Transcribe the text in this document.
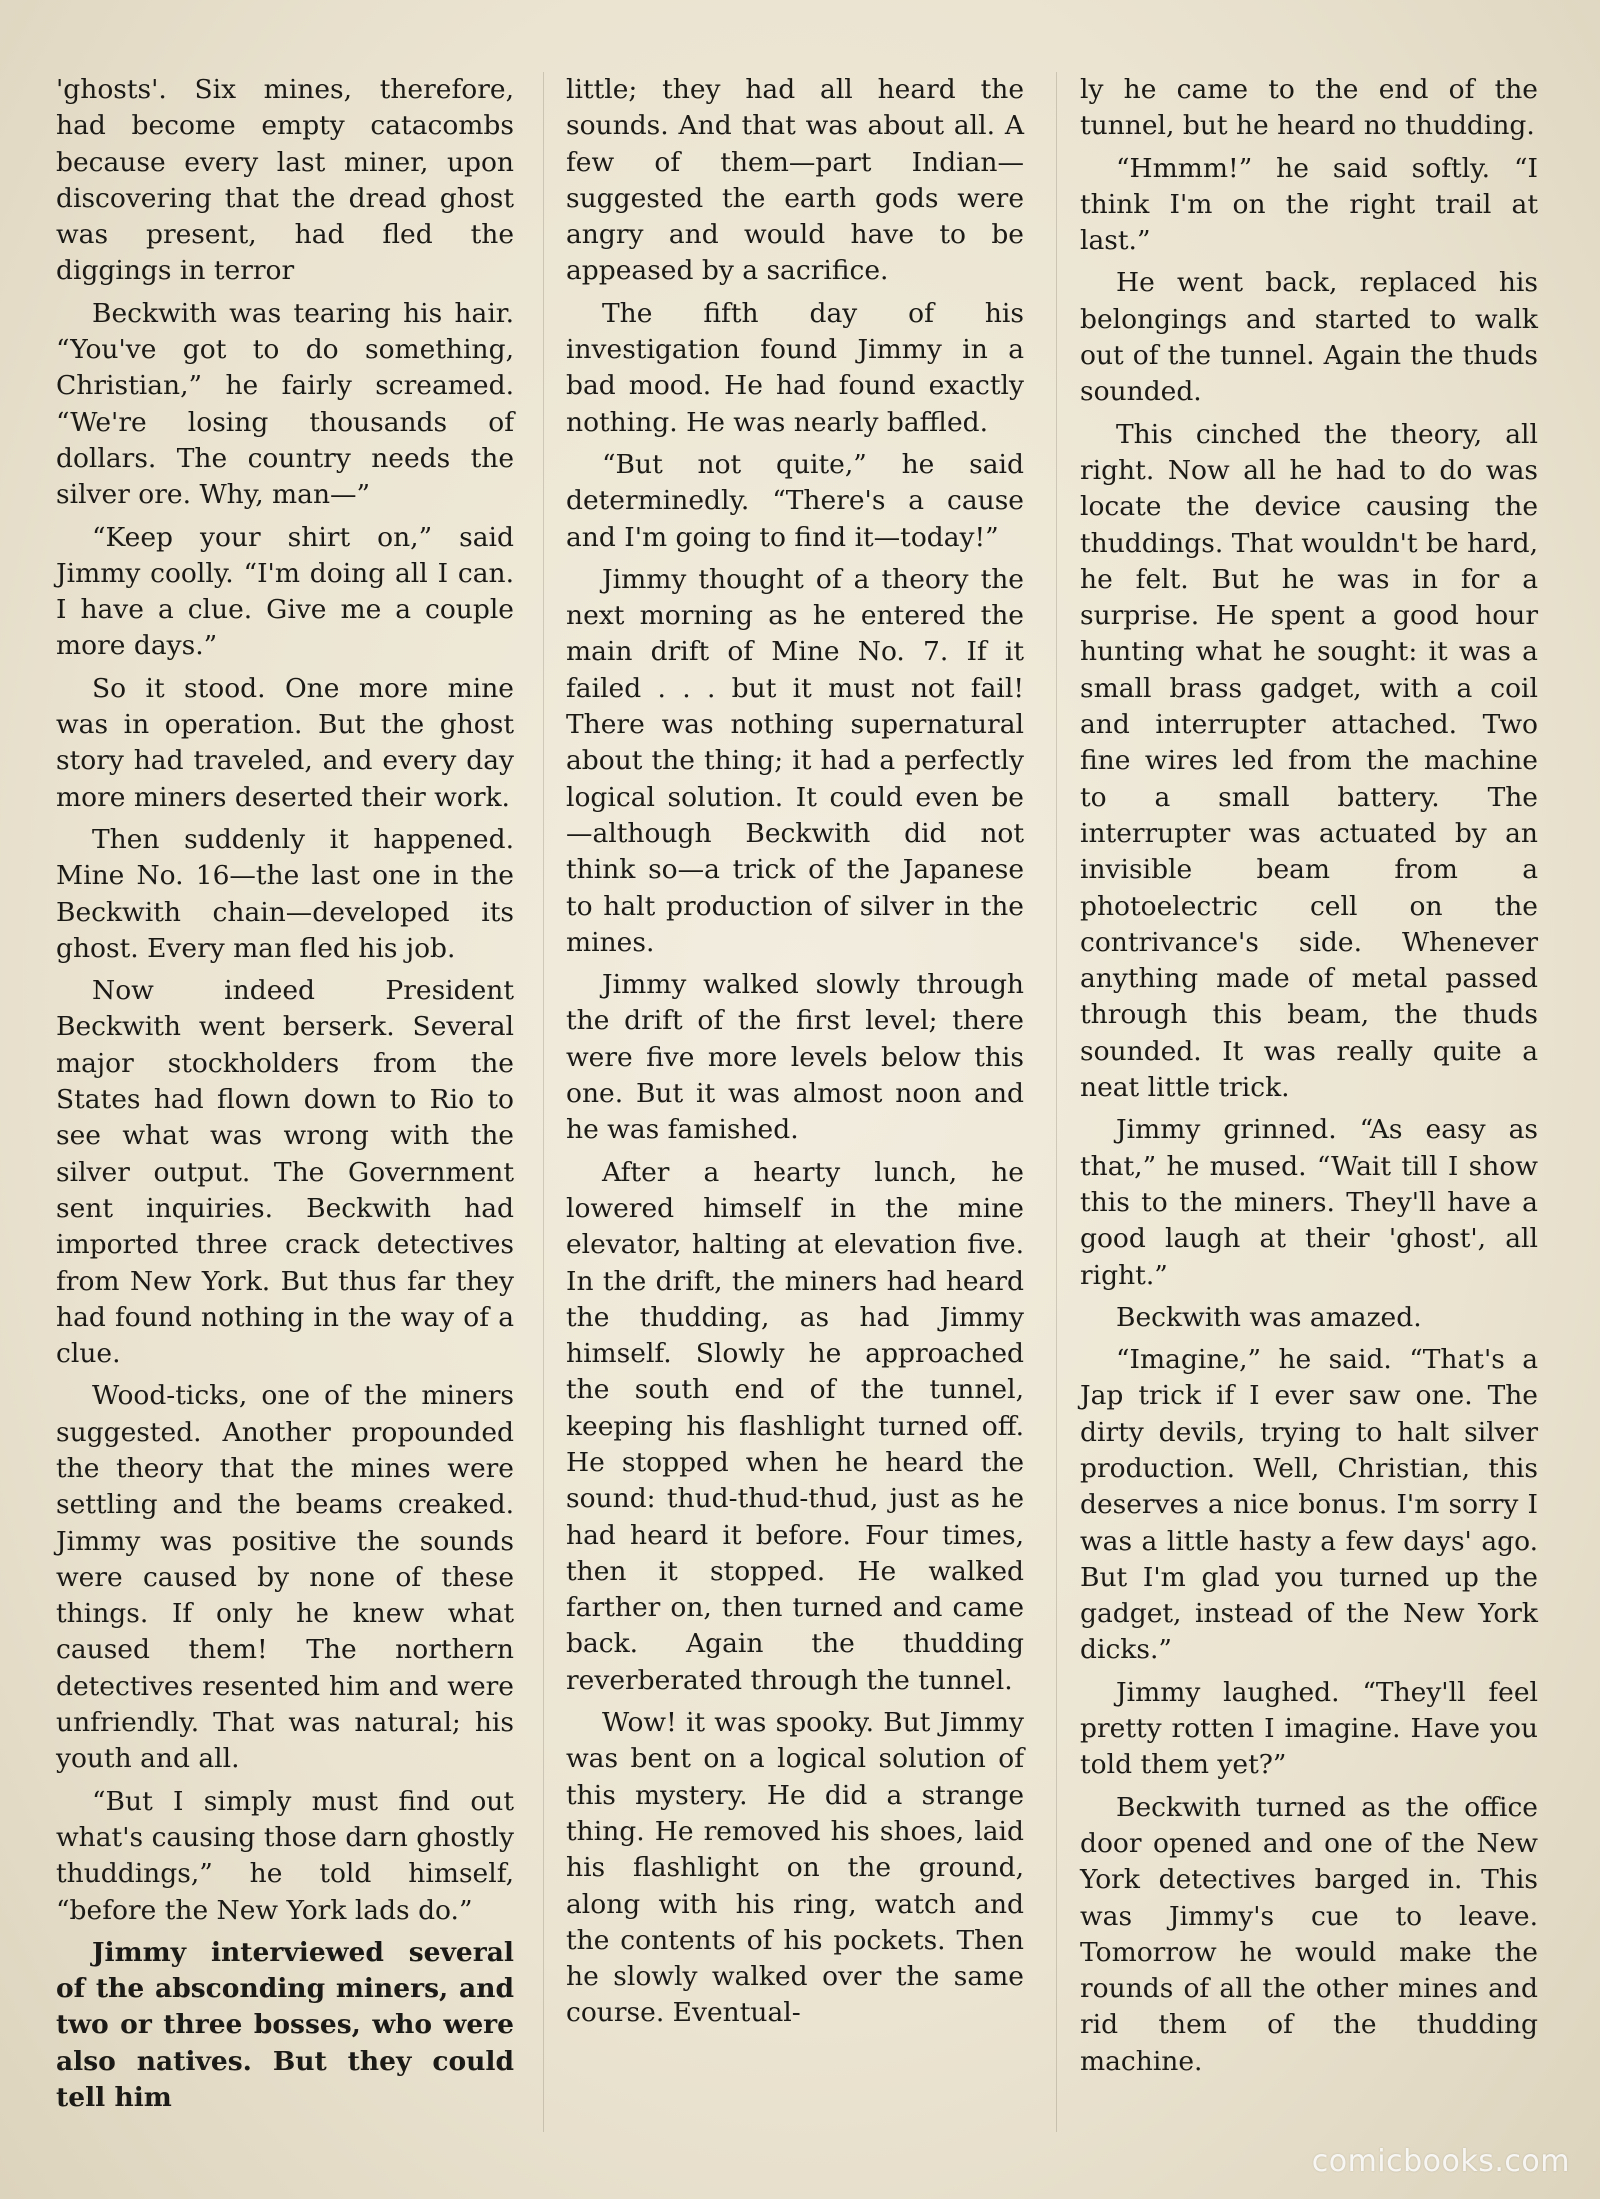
'ghosts'. Six mines, therefore, had become empty catacombs because every last miner, upon discovering that the dread ghost was present, had fled the diggings in terror

Beckwith was tearing his hair. “You've got to do something, Christian,” he fairly screamed. “We're losing thousands of dollars. The country needs the silver ore. Why, man—”

“Keep your shirt on,” said Jimmy coolly. “I'm doing all I can. I have a clue. Give me a couple more days.”

So it stood. One more mine was in operation. But the ghost story had traveled, and every day more miners deserted their work.

Then suddenly it happened. Mine No. 16—the last one in the Beckwith chain—developed its ghost. Every man fled his job.

Now indeed President Beckwith went berserk. Several major stockholders from the States had flown down to Rio to see what was wrong with the silver output. The Government sent inquiries. Beckwith had imported three crack detectives from New York. But thus far they had found nothing in the way of a clue.

Wood-ticks, one of the miners suggested. Another propounded the theory that the mines were settling and the beams creaked. Jimmy was positive the sounds were caused by none of these things. If only he knew what caused them! The northern detectives resented him and were unfriendly. That was natural; his youth and all.

“But I simply must find out what's causing those darn ghostly thuddings,” he told himself, “before the New York lads do.”

Jimmy interviewed several of the absconding miners, and two or three bosses, who were also natives. But they could tell him

little; they had all heard the sounds. And that was about all. A few of them—part Indian—suggested the earth gods were angry and would have to be appeased by a sacrifice.

The fifth day of his investigation found Jimmy in a bad mood. He had found exactly nothing. He was nearly baffled.

“But not quite,” he said determinedly. “There's a cause and I'm going to find it—today!”

Jimmy thought of a theory the next morning as he entered the main drift of Mine No. 7. If it failed . . . but it must not fail! There was nothing supernatural about the thing; it had a perfectly logical solution. It could even be—although Beckwith did not think so—a trick of the Japanese to halt production of silver in the mines.

Jimmy walked slowly through the drift of the first level; there were five more levels below this one. But it was almost noon and he was famished.

After a hearty lunch, he lowered himself in the mine elevator, halting at elevation five. In the drift, the miners had heard the thudding, as had Jimmy himself. Slowly he approached the south end of the tunnel, keeping his flashlight turned off. He stopped when he heard the sound: thud-thud-thud, just as he had heard it before. Four times, then it stopped. He walked farther on, then turned and came back. Again the thudding reverberated through the tunnel.

Wow! it was spooky. But Jimmy was bent on a logical solution of this mystery. He did a strange thing. He removed his shoes, laid his flashlight on the ground, along with his ring, watch and the contents of his pockets. Then he slowly walked over the same course. Eventual-

ly he came to the end of the tunnel, but he heard no thudding.

“Hmmm!” he said softly. “I think I'm on the right trail at last.”

He went back, replaced his belongings and started to walk out of the tunnel. Again the thuds sounded.

This cinched the theory, all right. Now all he had to do was locate the device causing the thuddings. That wouldn't be hard, he felt. But he was in for a surprise. He spent a good hour hunting what he sought: it was a small brass gadget, with a coil and interrupter attached. Two fine wires led from the machine to a small battery. The interrupter was actuated by an invisible beam from a photoelectric cell on the contrivance's side. Whenever anything made of metal passed through this beam, the thuds sounded. It was really quite a neat little trick.

Jimmy grinned. “As easy as that,” he mused. “Wait till I show this to the miners. They'll have a good laugh at their 'ghost', all right.”

Beckwith was amazed.

“Imagine,” he said. “That's a Jap trick if I ever saw one. The dirty devils, trying to halt silver production. Well, Christian, this deserves a nice bonus. I'm sorry I was a little hasty a few days' ago. But I'm glad you turned up the gadget, instead of the New York dicks.”

Jimmy laughed. “They'll feel pretty rotten I imagine. Have you told them yet?”

Beckwith turned as the office door opened and one of the New York detectives barged in. This was Jimmy's cue to leave. Tomorrow he would make the rounds of all the other mines and rid them of the thudding machine.

comicbooks.com
